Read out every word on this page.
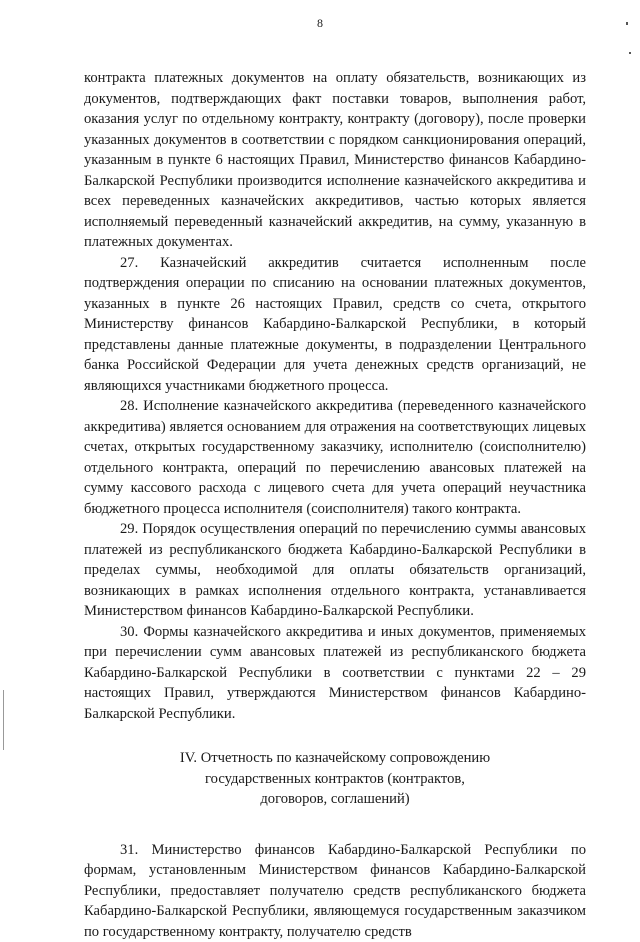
8

контракта платежных документов на оплату обязательств, возникающих из документов, подтверждающих факт поставки товаров, выполнения работ, оказания услуг по отдельному контракту, контракту (договору), после проверки указанных документов в соответствии с порядком санкционирования операций, указанным в пункте 6 настоящих Правил, Министерство финансов Кабардино-Балкарской Республики производится исполнение казначейского аккредитива и всех переведенных казначейских аккредитивов, частью которых является исполняемый переведенный казначейский аккредитив, на сумму, указанную в платежных документах.

27. Казначейский аккредитив считается исполненным после подтверждения операции по списанию на основании платежных документов, указанных в пункте 26 настоящих Правил, средств со счета, открытого Министерству финансов Кабардино-Балкарской Республики, в который представлены данные платежные документы, в подразделении Центрального банка Российской Федерации для учета денежных средств организаций, не являющихся участниками бюджетного процесса.

28. Исполнение казначейского аккредитива (переведенного казначейского аккредитива) является основанием для отражения на соответствующих лицевых счетах, открытых государственному заказчику, исполнителю (соисполнителю) отдельного контракта, операций по перечислению авансовых платежей на сумму кассового расхода с лицевого счета для учета операций неучастника бюджетного процесса исполнителя (соисполнителя) такого контракта.

29. Порядок осуществления операций по перечислению суммы авансовых платежей из республиканского бюджета Кабардино-Балкарской Республики в пределах суммы, необходимой для оплаты обязательств организаций, возникающих в рамках исполнения отдельного контракта, устанавливается Министерством финансов Кабардино-Балкарской Республики.

30. Формы казначейского аккредитива и иных документов, применяемых при перечислении сумм авансовых платежей из республиканского бюджета Кабардино-Балкарской Республики в соответствии с пунктами 22 – 29 настоящих Правил, утверждаются Министерством финансов Кабардино-Балкарской Республики.

IV. Отчетность по казначейскому сопровождению
государственных контрактов (контрактов,
договоров, соглашений)

31. Министерство финансов Кабардино-Балкарской Республики по формам, установленным Министерством финансов Кабардино-Балкарской Республики, предоставляет получателю средств республиканского бюджета Кабардино-Балкарской Республики, являющемуся государственным заказчиком по государственному контракту, получателю средств
